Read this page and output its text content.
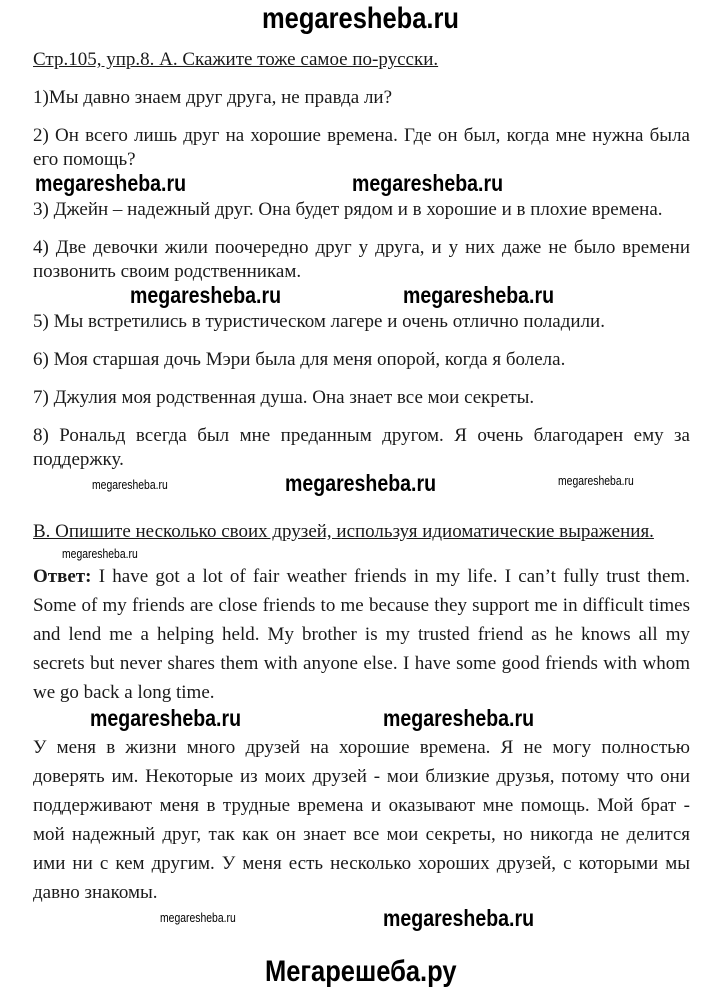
megaresheba.ru

Стр.105, упр.8. А. Скажите тоже самое по-русски.

1)Мы давно знаем друг друга, не правда ли?

2) Он всего лишь друг на хорошие времена. Где он был, когда мне нужна была его помощь?

megaresheba.ru	megaresheba.ru

3) Джейн – надежный друг. Она будет рядом и в хорошие и в плохие времена.

4) Две девочки жили поочередно друг у друга, и у них даже не было времени позвонить своим родственникам.

megaresheba.ru	megaresheba.ru

5) Мы встретились в туристическом лагере и очень отлично поладили.

6) Моя старшая дочь Мэри была для меня опорой, когда я болела.

7) Джулия моя родственная душа. Она знает все мои секреты.

8) Рональд всегда был мне преданным другом. Я очень благодарен ему за поддержку.

megaresheba.ru	megaresheba.ru	megaresheba.ru

В. Опишите несколько своих друзей, используя идиоматические выражения.

megaresheba.ru

Ответ: I have got a lot of fair weather friends in my life. I can’t fully trust them. Some of my friends are close friends to me because they support me in difficult times and lend me a helping held. My brother is my trusted friend as he knows all my secrets but never shares them with anyone else. I have some good friends with whom we go back a long time.

megaresheba.ru	megaresheba.ru

У меня в жизни много друзей на хорошие времена. Я не могу полностью доверять им. Некоторые из моих друзей - мои близкие друзья, потому что они поддерживают меня в трудные времена и оказывают мне помощь. Мой брат - мой надежный друг, так как он знает все мои секреты, но никогда не делится ими ни с кем другим. У меня есть несколько хороших друзей, с которыми мы давно знакомы.

megaresheba.ru	megaresheba.ru
Мегарешеба.ру
